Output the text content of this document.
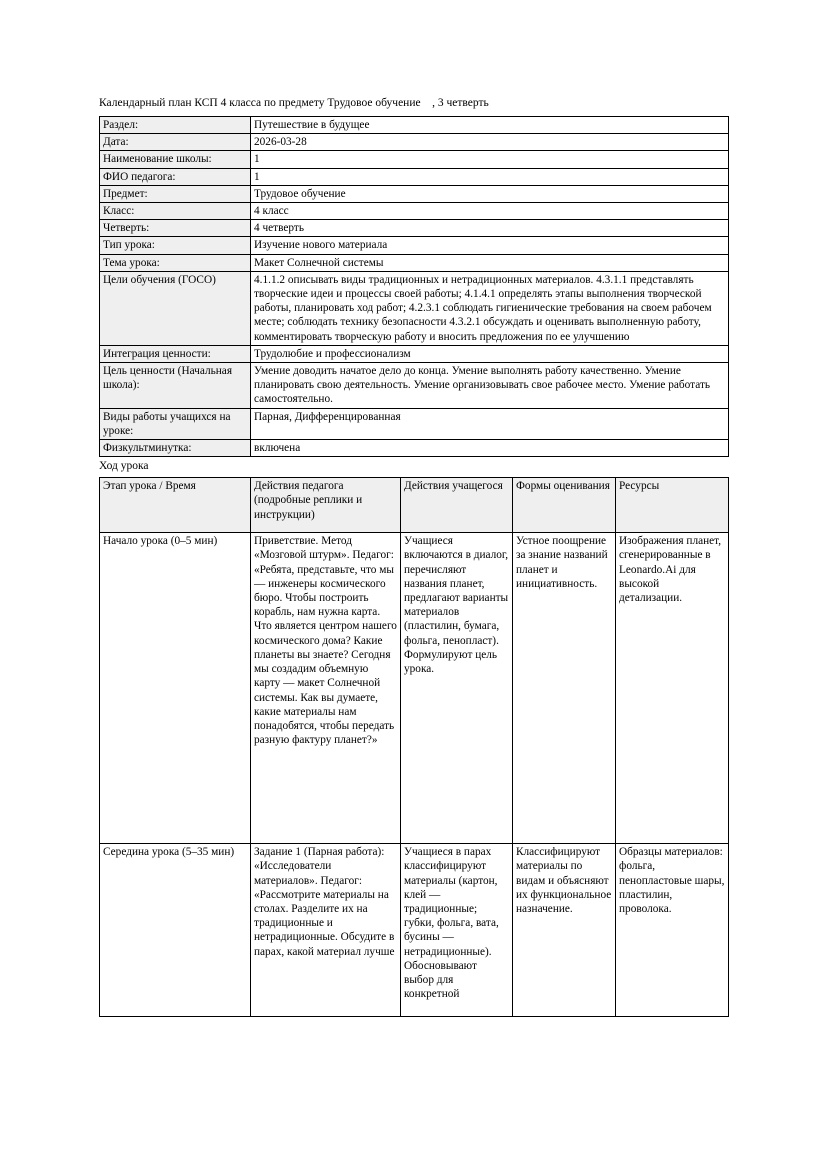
Календарный план КСП 4 класса по предмету Трудовое обучение    , 3 четверть
Раздел:	Путешествие в будущее
Дата:	2026-03-28
Наименование школы:	1
ФИО педагога:	1
Предмет:	Трудовое обучение
Класс:	4 класс
Четверть:	4 четверть
Тип урока:	Изучение нового материала
Тема урока:	Макет Солнечной системы
Цели обучения (ГОСО)	4.1.1.2 описывать виды традиционных и нетрадиционных материалов. 4.3.1.1 представлять творческие идеи и процессы своей работы; 4.1.4.1 определять этапы выполнения творческой работы, планировать ход работ; 4.2.3.1 соблюдать гигиенические требования на своем рабочем месте; соблюдать технику безопасности 4.3.2.1 обсуждать и оценивать выполненную работу, комментировать творческую работу и вносить предложения по ее улучшению
Интеграция ценности:	Трудолюбие и профессионализм
Цель ценности (Начальная школа):	Умение доводить начатое дело до конца. Умение выполнять работу качественно. Умение планировать свою деятельность. Умение организовывать свое рабочее место. Умение работать самостоятельно.
Виды работы учащихся на уроке:	Парная, Дифференцированная
Физкультминутка:	включена
Ход урока
Этап урока / Время	Действия педагога (подробные реплики и инструкции)	Действия учащегося	Формы оценивания	Ресурсы
Начало урока (0–5 мин)	Приветствие. Метод «Мозговой штурм». Педагог: «Ребята, представьте, что мы — инженеры космического бюро. Чтобы построить корабль, нам нужна карта. Что является центром нашего космического дома? Какие планеты вы знаете? Сегодня мы создадим объемную карту — макет Солнечной системы. Как вы думаете, какие материалы нам понадобятся, чтобы передать разную фактуру планет?»	Учащиеся включаются в диалог, перечисляют названия планет, предлагают варианты материалов (пластилин, бумага, фольга, пенопласт). Формулируют цель урока.	Устное поощрение за знание названий планет и инициативность.	Изображения планет, сгенерированные в Leonardo.Ai для высокой детализации.
Середина урока (5–35 мин)	Задание 1 (Парная работа): «Исследователи материалов». Педагог: «Рассмотрите материалы на столах. Разделите их на традиционные и нетрадиционные. Обсудите в парах, какой материал лучше	Учащиеся в парах классифицируют материалы (картон, клей — традиционные; губки, фольга, вата, бусины — нетрадиционные). Обосновывают выбор для конкретной	Классифицируют материалы по видам и объясняют их функциональное назначение.	Образцы материалов: фольга, пенопластовые шары, пластилин, проволока.
